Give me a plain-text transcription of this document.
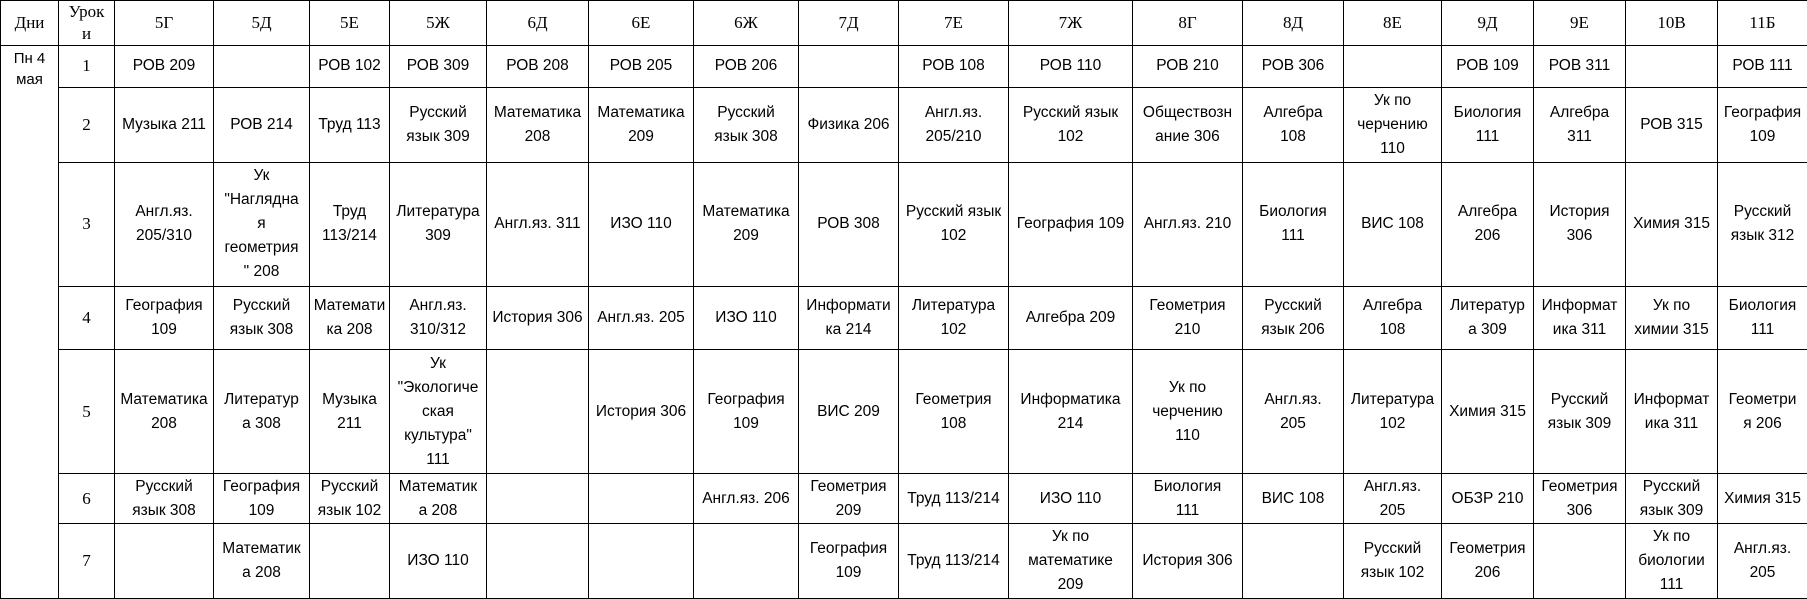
Дни	Урок
и	5Г	5Д	5Е	5Ж	6Д	6Е	6Ж	7Д	7Е	7Ж	8Г	8Д	8Е	9Д	9Е	10В	11Б

Пн 4
мая	1	РОВ 209		РОВ 102	РОВ 309	РОВ 208	РОВ 205	РОВ 206		РОВ 108	РОВ 110	РОВ 210	РОВ 306		РОВ 109	РОВ 311		РОВ 111

	2	Музыка 211	РОВ 214	Труд 113	Русский
язык 309	Математика
208	Математика
209	Русский
язык 308	Физика 206	Англ.яз.
205/210	Русский язык
102	Обществозн
ание 306	Алгебра
108	Ук по
черчению
110	Биология
111	Алгебра
311	РОВ 315	География
109

	3	Англ.яз.
205/310	Ук
"Наглядна
я
геометрия
" 208	Труд
113/214	Литература
309	Англ.яз. 311	ИЗО 110	Математика
209	РОВ 308	Русский язык
102	География 109	Англ.яз. 210	Биология
111	ВИС 108	Алгебра
206	История
306	Химия 315	Русский
язык 312

	4	География
109	Русский
язык 308	Математи
ка 208	Англ.яз.
310/312	История 306	Англ.яз. 205	ИЗО 110	Информати
ка 214	Литература
102	Алгебра 209	Геометрия
210	Русский
язык 206	Алгебра
108	Литератур
а 309	Информат
ика 311	Ук по
химии 315	Биология
111

	5	Математика
208	Литератур
а 308	Музыка
211	Ук
"Экологиче
ская
культура"
111		История 306	География
109	ВИС 209	Геометрия
108	Информатика
214	Ук по
черчению
110	Англ.яз.
205	Литература
102	Химия 315	Русский
язык 309	Информат
ика 311	Геометри
я 206

	6	Русский
язык 308	География
109	Русский
язык 102	Математик
а 208			Англ.яз. 206	Геометрия
209	Труд 113/214	ИЗО 110	Биология
111	ВИС 108	Англ.яз.
205	ОБЗР 210	Геометрия
306	Русский
язык 309	Химия 315

	7		Математик
а 208		ИЗО 110				География
109	Труд 113/214	Ук по
математике
209	История 306		Русский
язык 102	Геометрия
206		Ук по
биологии
111	Англ.яз.
205
